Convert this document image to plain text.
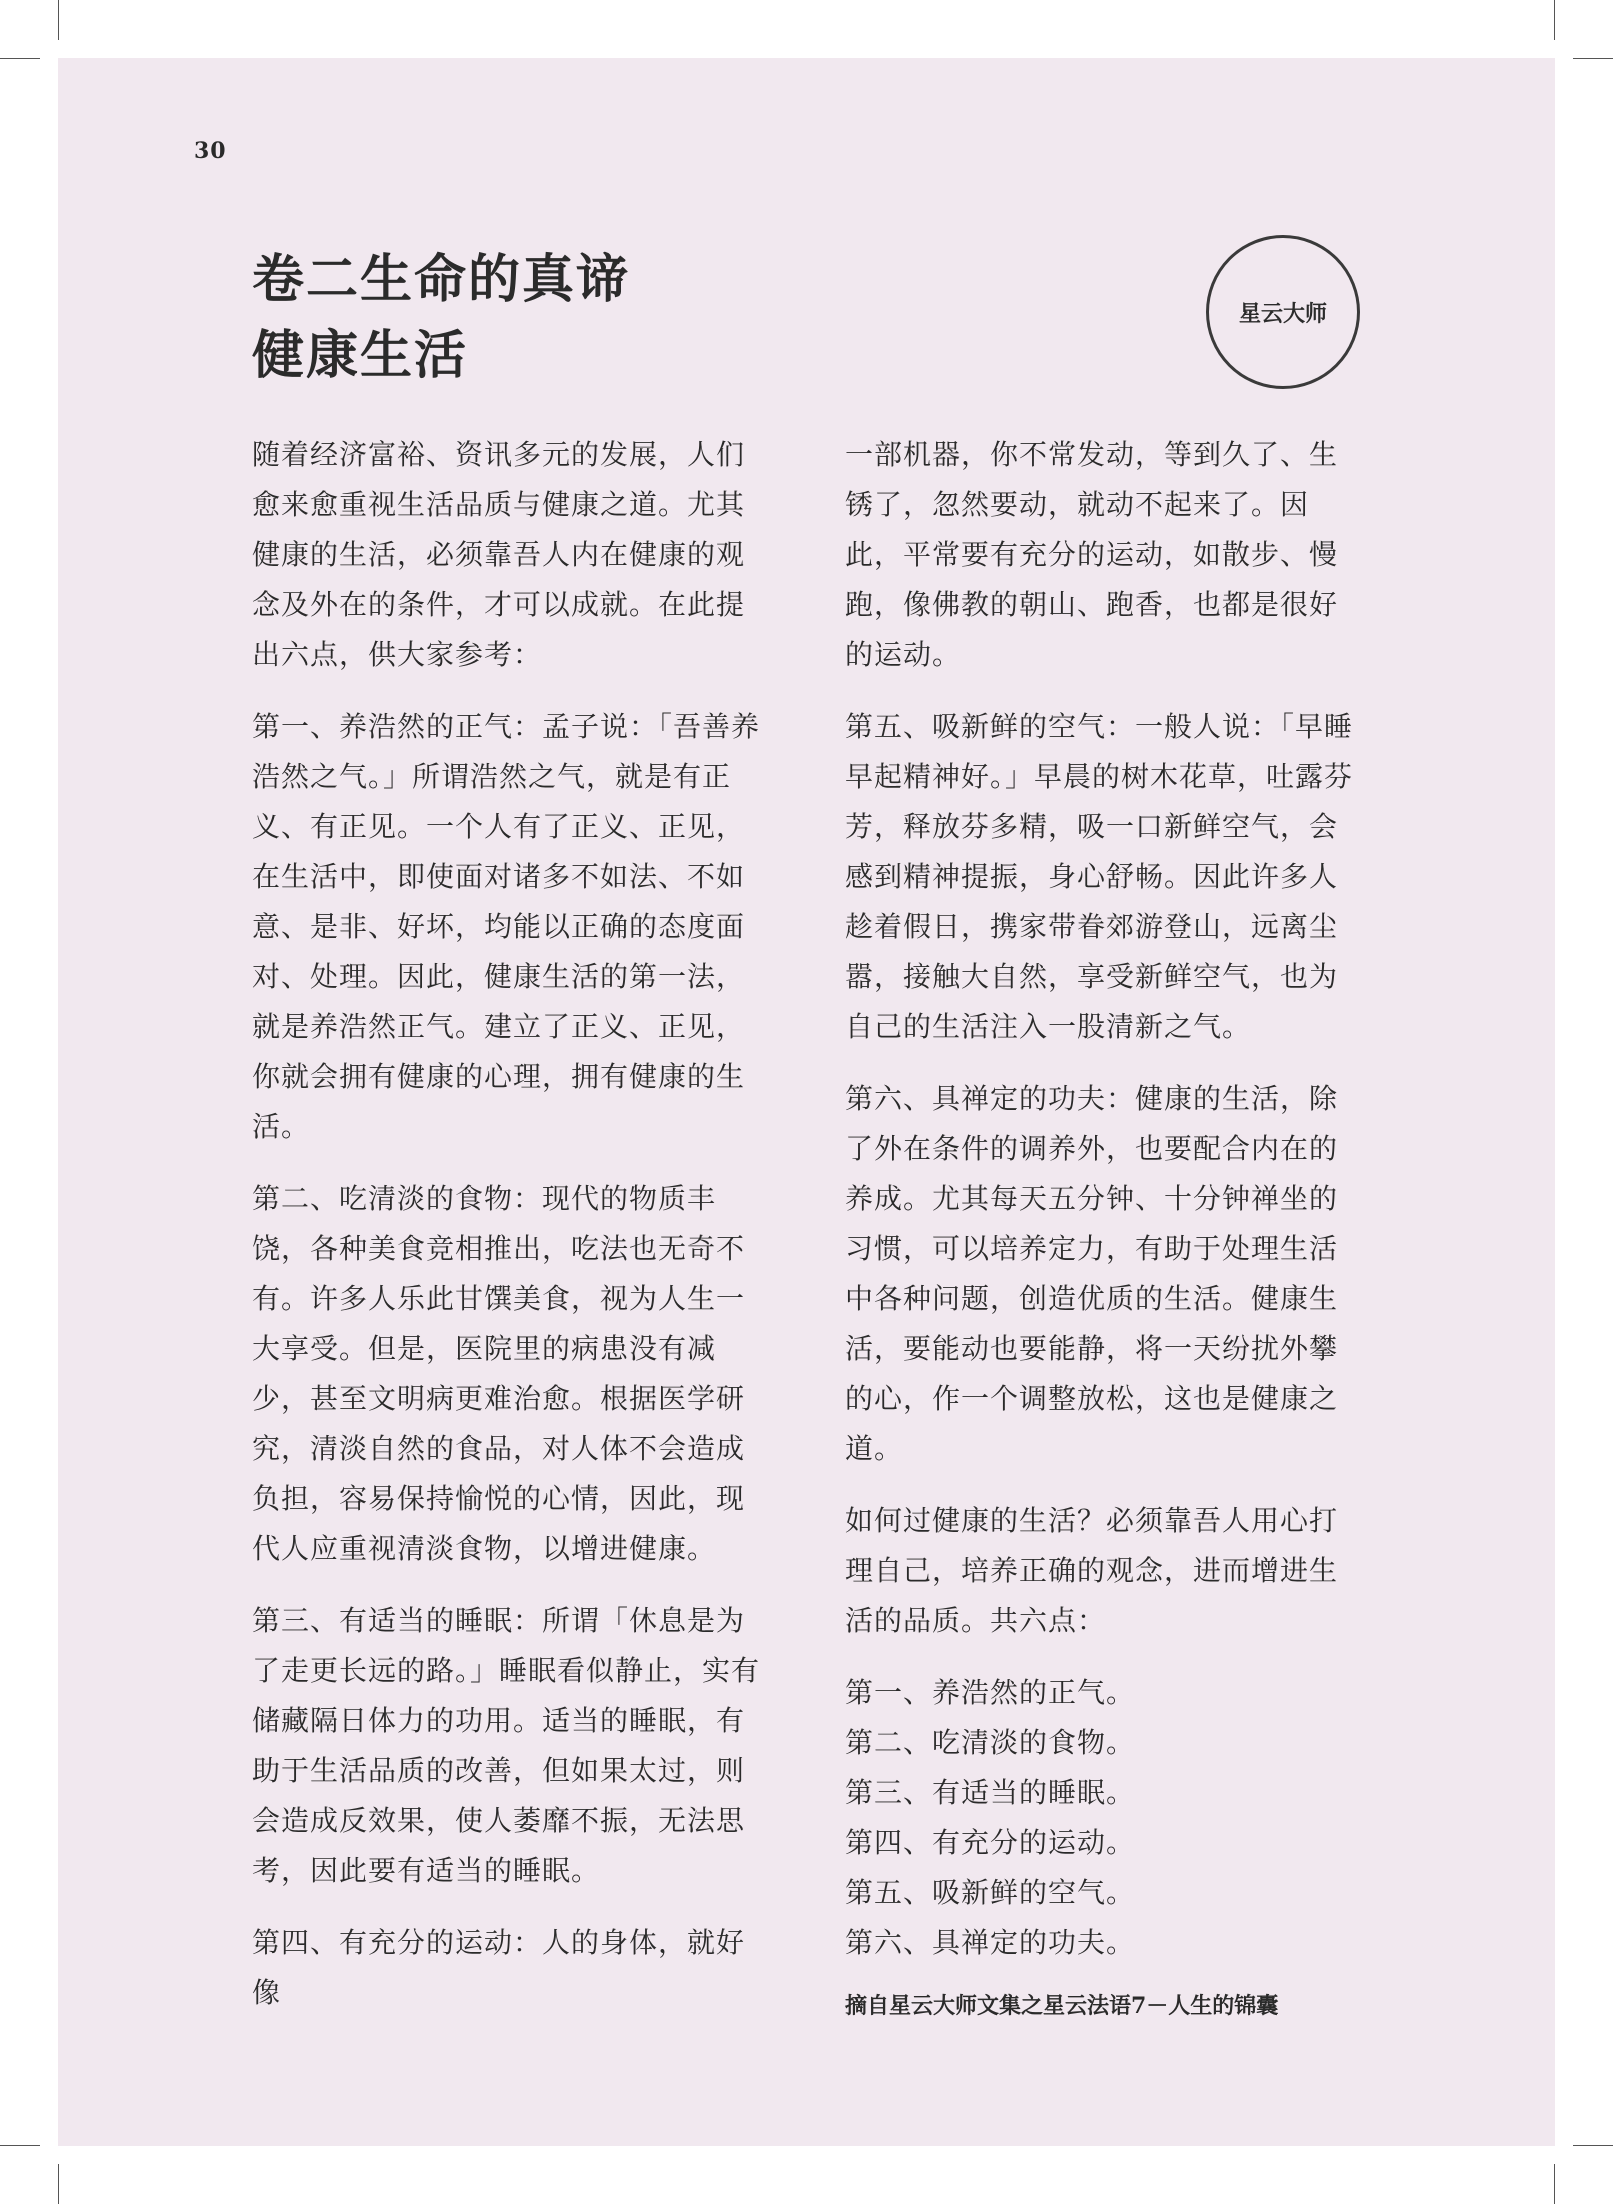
30
卷二生命的真谛
健康生活
星云大师

随着经济富裕、资讯多元的发展，人们愈来愈重视生活品质与健康之道。尤其健康的生活，必须靠吾人内在健康的观念及外在的条件，才可以成就。在此提出六点，供大家参考：

第一、养浩然的正气：孟子说：「吾善养浩然之气。」所谓浩然之气，就是有正义、有正见。一个人有了正义、正见，在生活中，即使面对诸多不如法、不如意、是非、好坏，均能以正确的态度面对、处理。因此，健康生活的第一法，就是养浩然正气。建立了正义、正见，你就会拥有健康的心理，拥有健康的生活。

第二、吃清淡的食物：现代的物质丰饶，各种美食竞相推出，吃法也无奇不有。许多人乐此甘馔美食，视为人生一大享受。但是，医院里的病患没有减少，甚至文明病更难治愈。根据医学研究，清淡自然的食品，对人体不会造成负担，容易保持愉悦的心情，因此，现代人应重视清淡食物，以增进健康。

第三、有适当的睡眠：所谓「休息是为了走更长远的路。」睡眠看似静止，实有储藏隔日体力的功用。适当的睡眠，有助于生活品质的改善，但如果太过，则会造成反效果，使人萎靡不振，无法思考，因此要有适当的睡眠。

第四、有充分的运动：人的身体，就好像

一部机器，你不常发动，等到久了、生锈了，忽然要动，就动不起来了。因此，平常要有充分的运动，如散步、慢跑，像佛教的朝山、跑香，也都是很好的运动。

第五、吸新鲜的空气：一般人说：「早睡早起精神好。」早晨的树木花草，吐露芬芳，释放芬多精，吸一口新鲜空气，会感到精神提振，身心舒畅。因此许多人趁着假日，携家带眷郊游登山，远离尘嚣，接触大自然，享受新鲜空气，也为自己的生活注入一股清新之气。

第六、具禅定的功夫：健康的生活，除了外在条件的调养外，也要配合内在的养成。尤其每天五分钟、十分钟禅坐的习惯，可以培养定力，有助于处理生活中各种问题，创造优质的生活。健康生活，要能动也要能静，将一天纷扰外攀的心，作一个调整放松，这也是健康之道。

如何过健康的生活？必须靠吾人用心打理自己，培养正确的观念，进而增进生活的品质。共六点：

第一、养浩然的正气。
第二、吃清淡的食物。
第三、有适当的睡眠。
第四、有充分的运动。
第五、吸新鲜的空气。
第六、具禅定的功夫。
摘自星云大师文集之星云法语7－人生的锦囊
